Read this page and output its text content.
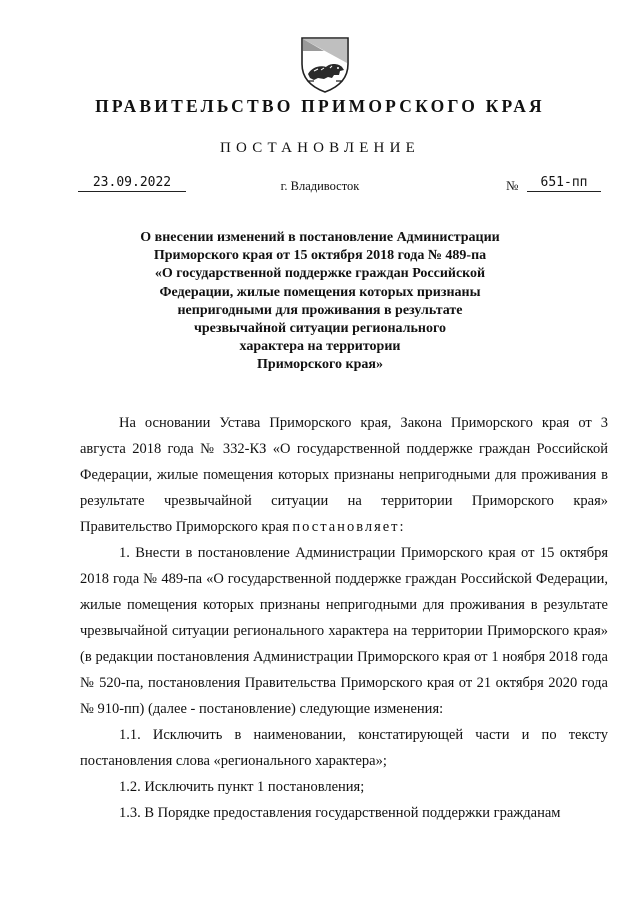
ПРАВИТЕЛЬСТВО ПРИМОРСКОГО КРАЯ
ПОСТАНОВЛЕНИЕ
23.09.2022	г. Владивосток	№	651-пп
О внесении изменений в постановление Администрации
Приморского края от 15 октября 2018 года № 489-па
«О государственной поддержке граждан Российской
Федерации, жилые помещения которых признаны
непригодными для проживания в результате
чрезвычайной ситуации регионального
характера на территории
Приморского края»

На основании Устава Приморского края, Закона Приморского края от 3 августа 2018 года № 332-КЗ «О государственной поддержке граждан Российской Федерации, жилые помещения которых признаны непригодными для проживания в результате чрезвычайной ситуации на территории Приморского края» Правительство Приморского края постановляет:

1. Внести в постановление Администрации Приморского края от 15 октября 2018 года № 489-па «О государственной поддержке граждан Российской Федерации, жилые помещения которых признаны непригодными для проживания в результате чрезвычайной ситуации регионального характера на территории Приморского края» (в редакции постановления Администрации Приморского края от 1 ноября 2018 года № 520-па, постановления Правительства Приморского края от 21 октября 2020 года № 910-пп) (далее - постановление) следующие изменения:

1.1. Исключить в наименовании, констатирующей части и по тексту постановления слова «регионального характера»;

1.2. Исключить пункт 1 постановления;

1.3. В Порядке предоставления государственной поддержки гражданам
